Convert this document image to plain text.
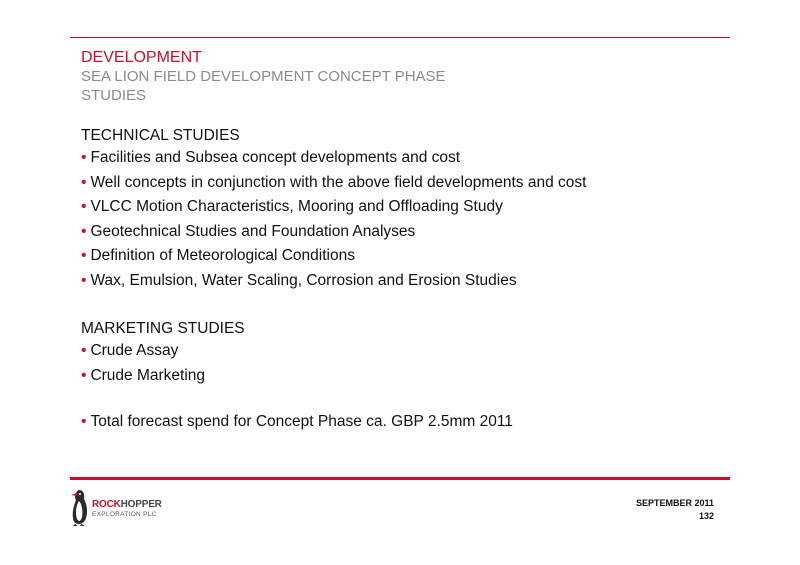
DEVELOPMENT
SEA LION FIELD DEVELOPMENT CONCEPT PHASE
STUDIES
TECHNICAL STUDIES
• Facilities and Subsea concept developments and cost
• Well concepts in conjunction with the above field developments and cost
• VLCC Motion Characteristics, Mooring and Offloading Study
• Geotechnical Studies and Foundation Analyses
• Definition of Meteorological Conditions
• Wax, Emulsion, Water Scaling, Corrosion and Erosion Studies
MARKETING STUDIES
• Crude Assay
• Crude Marketing
• Total forecast spend for Concept Phase ca. GBP 2.5mm 2011
ROCKHOPPER
EXPLORATION PLC
SEPTEMBER 2011
132
